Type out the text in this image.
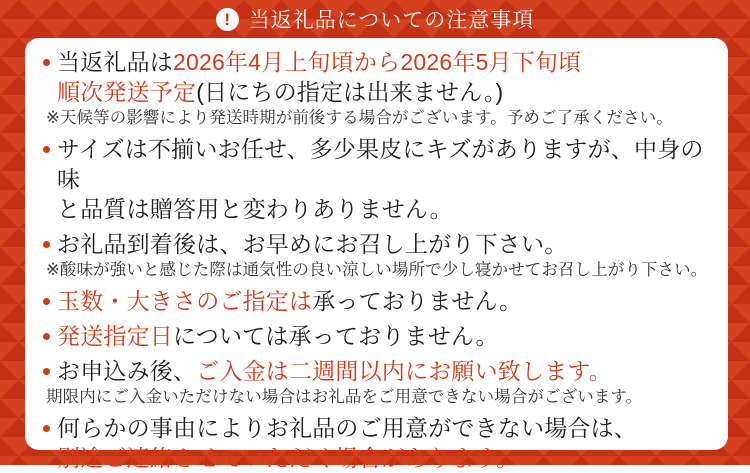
! 当返礼品についての注意事項

当返礼品は2026年4月上旬頃から2026年5月下旬頃
順次発送予定(日にちの指定は出来ません。)

※天候等の影響により発送時期が前後する場合がございます。予めご了承ください。

サイズは不揃いお任せ、多少果皮にキズがありますが、中身の味
と品質は贈答用と変わりありません。

お礼品到着後は、お早めにお召し上がり下さい。

※酸味が強いと感じた際は通気性の良い涼しい場所で少し寝かせてお召し上がり下さい。

玉数・大きさのご指定は承っておりません。

発送指定日については承っておりません。

お申込み後、ご入金は二週間以内にお願い致します。

期限内にご入金いただけない場合はお礼品をご用意できない場合がございます。

何らかの事由によりお礼品のご用意ができない場合は、
別途ご連絡させていただく場合があります。
